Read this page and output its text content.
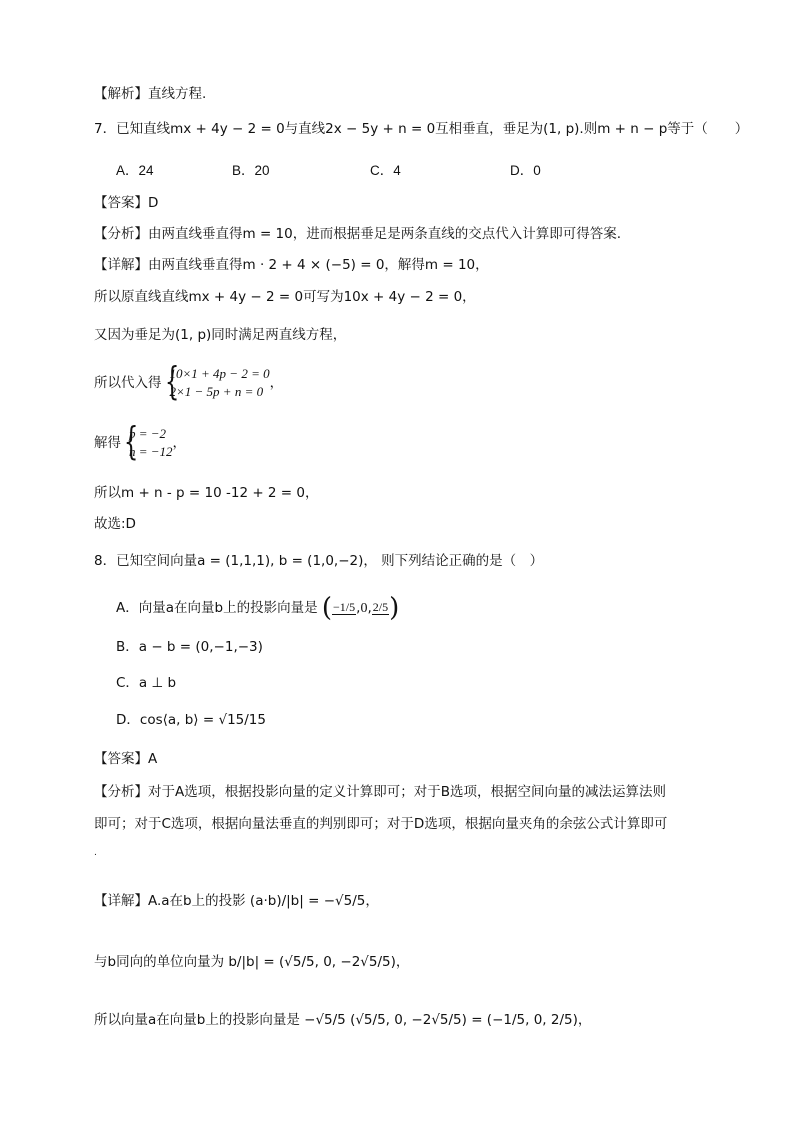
【解析】直线方程.
7．已知直线mx + 4y − 2 = 0与直线2x − 5y + n = 0互相垂直，垂足为(1, p).则m + n − p等于（　　）
A．24	B．20	C．4	D．0
【答案】D
【分析】由两直线垂直得m = 10，进而根据垂足是两条直线的交点代入计算即可得答案.
【详解】由两直线垂直得m · 2 + 4 × (−5) = 0，解得m = 10，
所以原直线直线mx + 4y − 2 = 0可写为10x + 4y − 2 = 0，
又因为垂足为(1, p)同时满足两直线方程，
所以代入得 {
10×1 + 4p − 2 = 0
2×1 − 5p + n = 0
，
解得 {
p = −2
n = −12
，
所以m + n - p = 10 -12 + 2 = 0，
故选:D
8．已知空间向量a = (1,1,1), b = (1,0,−2)， 则下列结论正确的是（　）
A．向量a在向量b上的投影向量是 ( −1/5 ,0, 2/5 )
B．a − b = (0,−1,−3)
C．a ⊥ b
D．cos⟨a, b⟩ = √15/15
【答案】A
【分析】对于A选项，根据投影向量的定义计算即可；对于B选项，根据空间向量的减法运算法则
即可；对于C选项，根据向量法垂直的判别即可；对于D选项，根据向量夹角的余弦公式计算即可
.
【详解】A.a在b上的投影 (a·b)/|b| = −√5/5，
与b同向的单位向量为 b/|b| = (√5/5, 0, −2√5/5)，
所以向量a在向量b上的投影向量是 −√5/5 (√5/5, 0, −2√5/5) = (−1/5, 0, 2/5)，
